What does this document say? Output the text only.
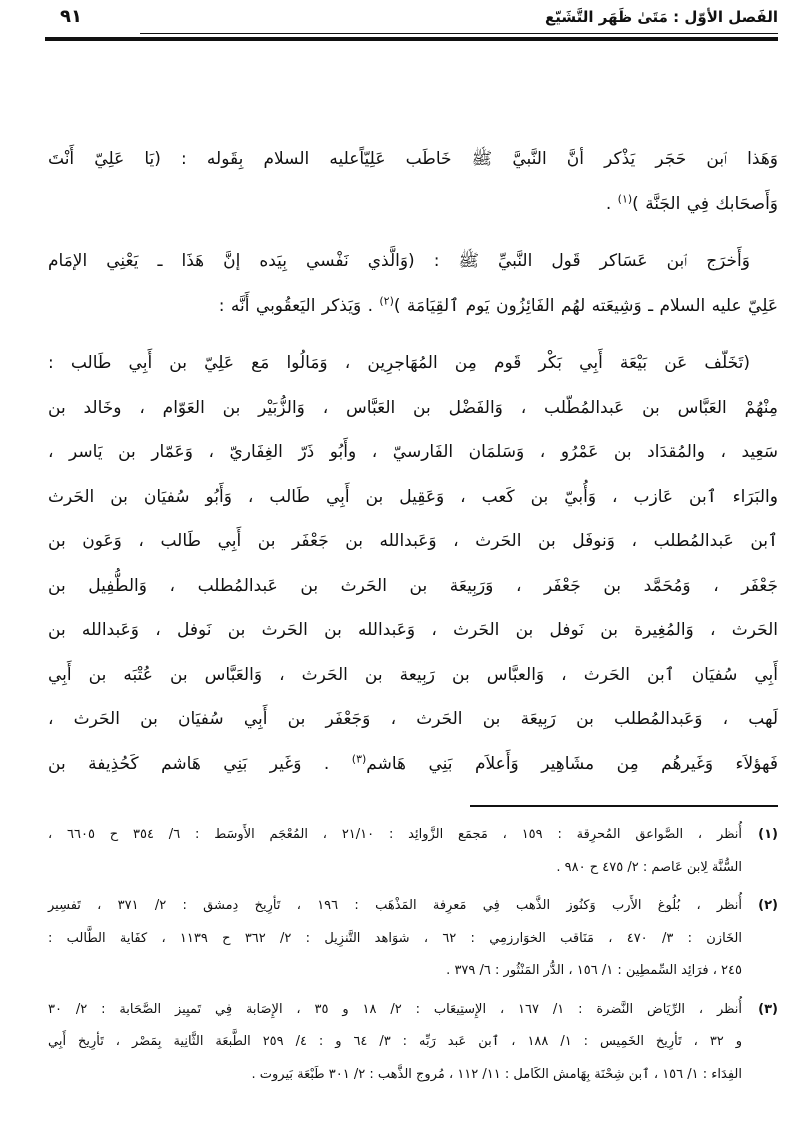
الفَصل الأوّل : مَتَىٰ ظَهَر التَّشَيّع
٩١
وَهَذا ٱبن حَجَر يَذْكر أنَّ النَّبيَّ ﷺ خَاطَب عَلِيّاًعليه السلام بِقَوله : (يَا عَلِيّ أَنْتَ
وَأَصحَابك فِي الجَنَّة )$^{(١)}$ .
وَأَخرَج ٱبن عَسَاكر قَول النَّبيِّ ﷺ : (وَالَّذي نَفْسي بِيَده إنَّ هَذَا ـ يَعْنِي الإمَام
عَلِيّ عليه السلام ـ وَشِيعَته لهُم الفَائِزُون يَوم ٱلقِيَامَة )$^{(٢)}$ . وَيَذكر اليَعقُوبي أَنَّه :
(تَخَلّف عَن بَيْعَة أَبِي بَكْر قَوم مِن المُهَاجرِين ، وَمَالُوا مَع عَلِيّ بن أَبِي طَالب :
مِنْهُمْ العَبَّاس بن عَبدالمُطّلب ، وَالفَضْل بن العَبَّاس ، وَالزُّبَيْر بن العَوّام ، وخَالد بن
سَعِيد ، والمُقدَاد بن عَمْرُو ، وَسَلمَان الفَارسيّ ، وأَبُو ذَرّ الغِفَاريّ ، وَعَمّار بن يَاسر ،
والبَرَاء ٱبن عَازب ، وَأُبيّ بن كَعب ، وَعَقِيل بن أَبِي طَالب ، وَأَبُو سُفيَان بن الحَرث
ٱبن عَبدالمُطلب ، وَنوفَل بن الحَرث ، وَعَبدالله بن جَعْفَر بن أَبِي طَالب ، وَعَون بن
جَعْفَر ، وَمُحَمَّد بن جَعْفَر ، وَرَبِيعَة بن الحَرث بن عَبدالمُطلب ، وَالطُّفِيل بن
الحَرث ، وَالمُغِيرة بن نَوفل بن الحَرث ، وَعَبدالله بن الحَرث بن نَوفل ، وَعَبدالله بن
أَبِي سُفيَان ٱبن الحَرث ، وَالعبَّاس بن رَبِيعة بن الحَرث ، وَالعَبَّاس بن عُتْبَه بن أَبِي
لَهب ، وَعَبدالمُطلب بن رَبِيعَة بن الحَرث ، وَجَعْفَر بن أَبِي سُفيَان بن الحَرث ،
فَهؤلاَء وَغَيرهُم مِن مشَاهِير وَأَعلاَم بَنِي هَاشم$^{(٣)}$ . وَغَير بَنِي هَاشم كَحُذِيفة بن
(١)
أُنظر ، الصَّواعق المُحرِقة : ١٥٩ ، مَجمَع الزَّوائِد : ٢١/١٠ ، المُعْجَم الأَوسَط : ٦/ ٣٥٤ ح ٦٦٠٥ ،
السُّنَّة لِابن عَاصم : ٢/ ٤٧٥ ح ٩٨٠ .
(٢)
أُنظر ، بُلُوغ الأَرب وَكنُوز الذَّهب فِي مَعرِفة المَذْهَب : ١٩٦ ، تَأرِيخ دِمشق : ٢/ ٣٧١ ، تَفسِير
الخَازن : ٣/ ٤٧٠ ، مَنَاقب الخوَارزمِي : ٦٢ ، شوَاهد التَّنزِيل : ٢/ ٣٦٢ ح ١١٣٩ ، كفَاية الطَّالب :
٢٤٥ ، فرَائِد السِّمطِين : ١/ ١٥٦ ، الدُّر المَنْثُور : ٦/ ٣٧٩ .
(٣)
أُنظر ، الرِّيَاض النَّضرة : ١/ ١٦٧ ، الإِستِيعَاب : ٢/ ١٨ و ٣٥ ، الإِصَابة فِي تَميِيز الصَّحَابة : ٢/ ٣٠
و ٣٢ ، تَأرِيخ الخَمِيس : ١/ ١٨٨ ، ٱبن عَبد رَبِّه : ٣/ ٦٤ و : ٤/ ٢٥٩ الطَّبعَة الثَّانِية بِمَصْر ، تَأرِيخ أَبِي
الفِدَاء : ١/ ١٥٦ ، ٱبن شِحْنَة بِهَامش الكَامل : ١١/ ١١٢ ، مُروج الذَّهب : ٢/ ٣٠١ طَبْعَة بَيروت .
